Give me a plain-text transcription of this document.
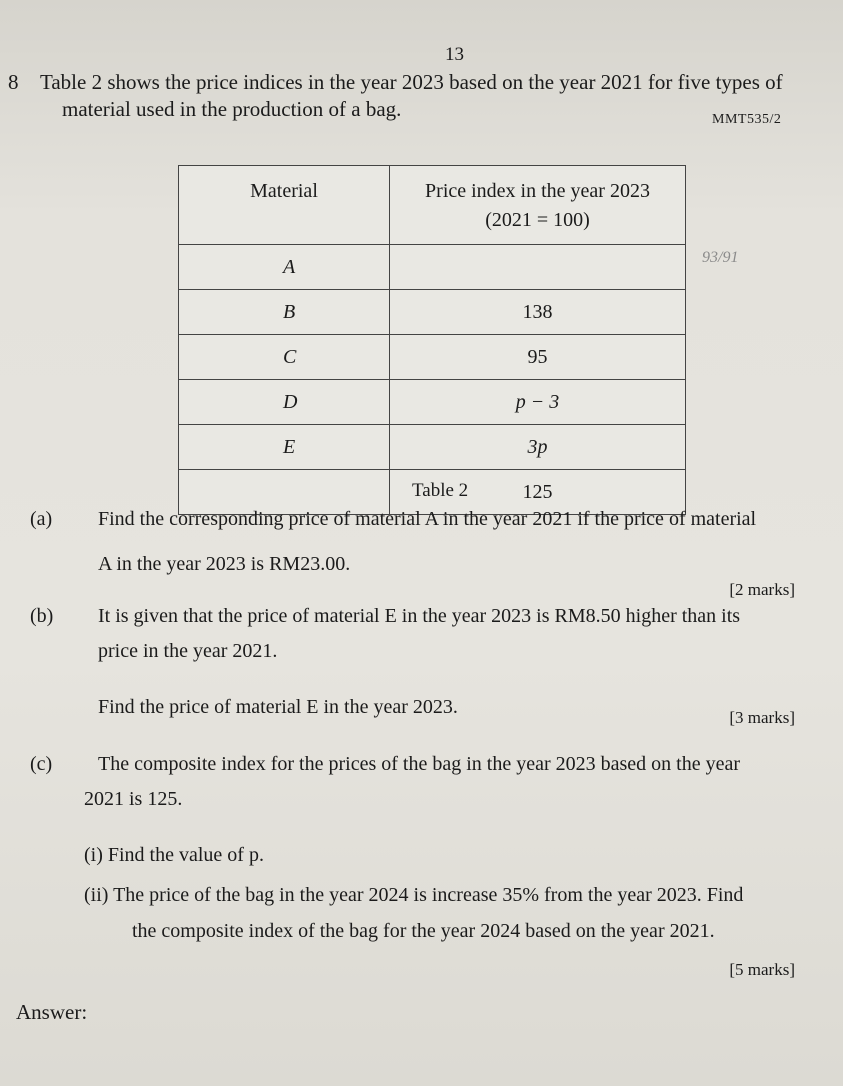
13
MMT535/2
8 Table 2 shows the price indices in the year 2023 based on the year 2021 for five types of
material used in the production of a bag.
93/91
Material	Price index in the year 2023
(2021 = 100)

A	
B	138
C	95
D	p − 3
E	3p
	125
Table 2
(a) Find the corresponding price of material A in the year 2021 if the price of material
A in the year 2023 is RM23.00.
[2 marks]
(b) It is given that the price of material E in the year 2023 is RM8.50 higher than its
price in the year 2021.
Find the price of material E in the year 2023.	[3 marks]
(c) The composite index for the prices of the bag in the year 2023 based on the year
2021 is 125.
(i) Find the value of p.
(ii) The price of the bag in the year 2024 is increase 35% from the year 2023. Find
the composite index of the bag for the year 2024 based on the year 2021.
[5 marks]
Answer:
